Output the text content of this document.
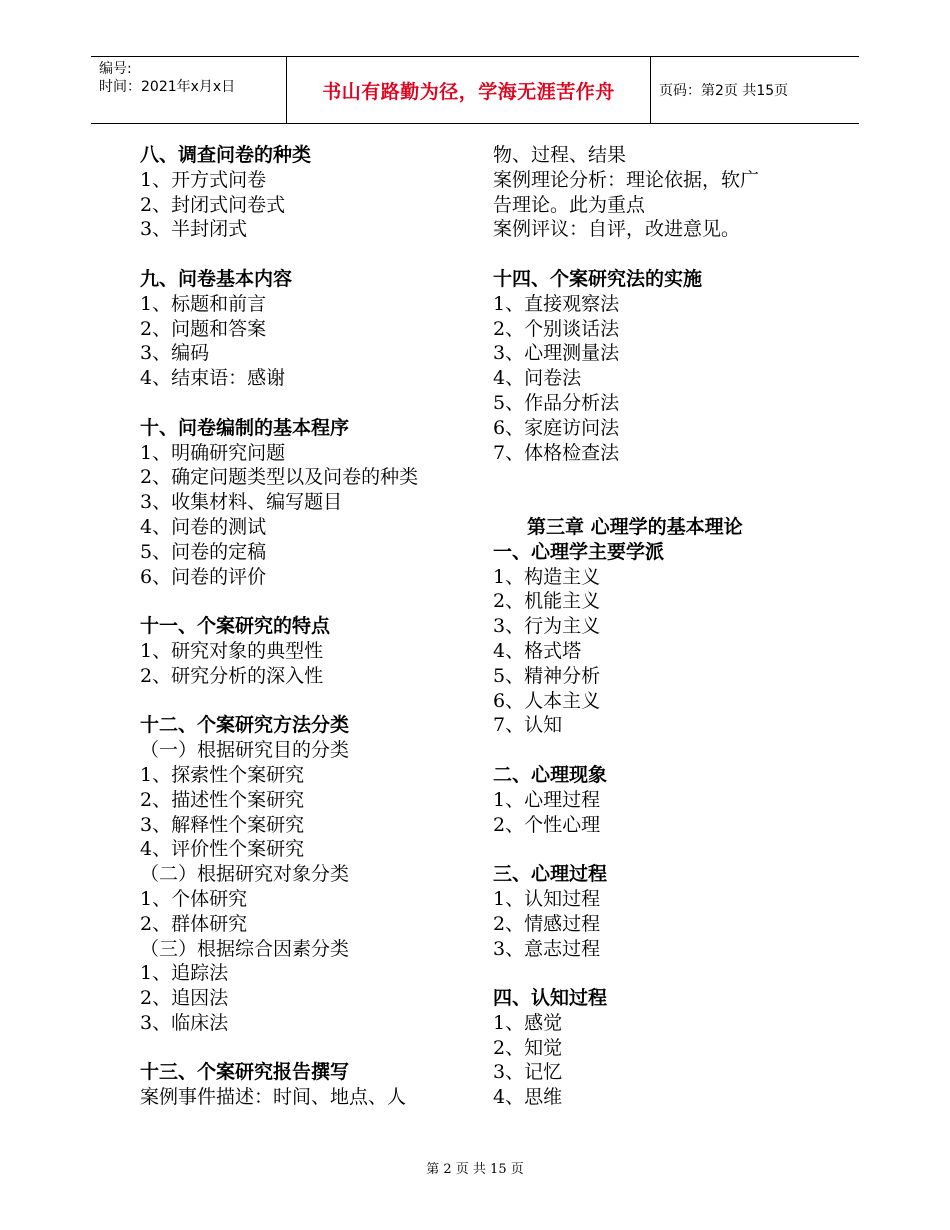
编号:
时间：2021年x月x日	书山有路勤为径，学海无涯苦作舟	页码：第2页 共15页
八、调查问卷的种类
1、开方式问卷
2、封闭式问卷式
3、半封闭式
九、问卷基本内容
1、标题和前言
2、问题和答案
3、编码
4、结束语：感谢
十、问卷编制的基本程序
1、明确研究问题
2、确定问题类型以及问卷的种类
3、收集材料、编写题目
4、问卷的测试
5、问卷的定稿
6、问卷的评价
十一、个案研究的特点
1、研究对象的典型性
2、研究分析的深入性
十二、个案研究方法分类
（一）根据研究目的分类
1、探索性个案研究
2、描述性个案研究
3、解释性个案研究
4、评价性个案研究
（二）根据研究对象分类
1、个体研究
2、群体研究
（三）根据综合因素分类
1、追踪法
2、追因法
3、临床法
十三、个案研究报告撰写
案例事件描述：时间、地点、人
物、过程、结果
案例理论分析：理论依据，软广
告理论。此为重点
案例评议：自评，改进意见。
十四、个案研究法的实施
1、直接观察法
2、个别谈话法
3、心理测量法
4、问卷法
5、作品分析法
6、家庭访问法
7、体格检查法
第三章 心理学的基本理论
一、心理学主要学派
1、构造主义
2、机能主义
3、行为主义
4、格式塔
5、精神分析
6、人本主义
7、认知
二、心理现象
1、心理过程
2、个性心理
三、心理过程
1、认知过程
2、情感过程
3、意志过程
四、认知过程
1、感觉
2、知觉
3、记忆
4、思维
第 2 页 共 15 页
